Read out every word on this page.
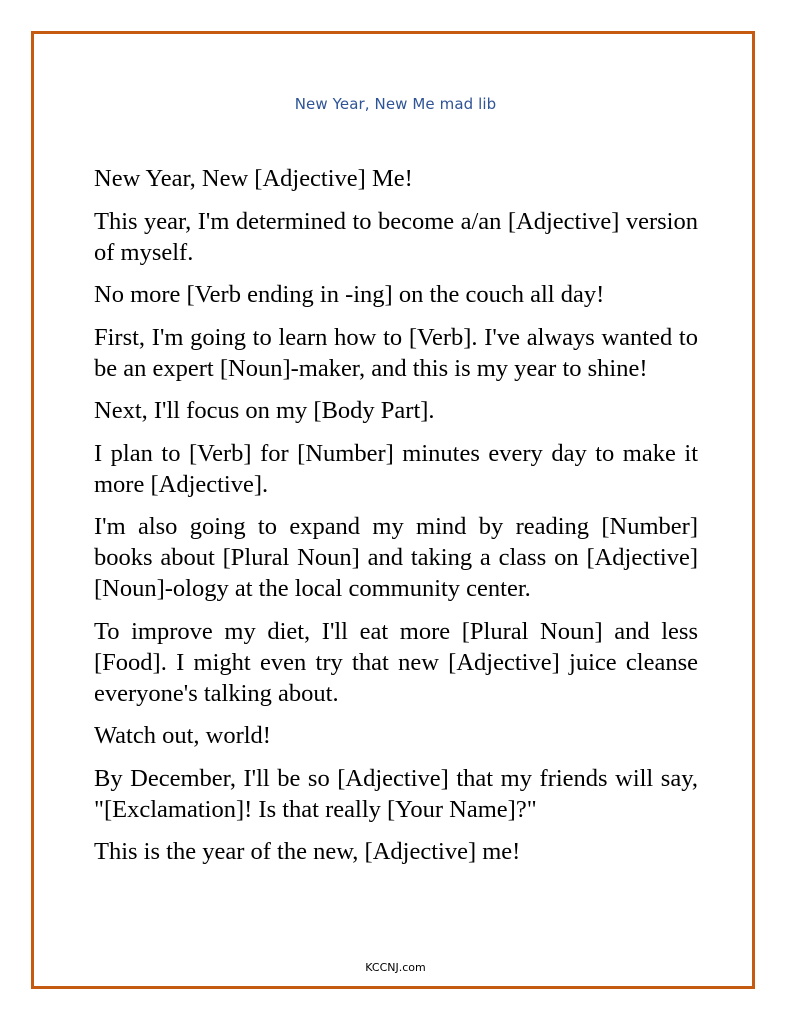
New Year, New Me mad lib

New Year, New [Adjective] Me!

This year, I'm determined to become a/an [Adjective] version of myself.

No more [Verb ending in -ing] on the couch all day!

First, I'm going to learn how to [Verb]. I've always wanted to be an expert [Noun]-maker, and this is my year to shine!

Next, I'll focus on my [Body Part].

I plan to [Verb] for [Number] minutes every day to make it more [Adjective].

I'm also going to expand my mind by reading [Number] books about [Plural Noun] and taking a class on [Adjective] [Noun]-ology at the local community center.

To improve my diet, I'll eat more [Plural Noun] and less [Food]. I might even try that new [Adjective] juice cleanse everyone's talking about.

Watch out, world!

By December, I'll be so [Adjective] that my friends will say, "[Exclamation]! Is that really [Your Name]?"

This is the year of the new, [Adjective] me!

KCCNJ.com
